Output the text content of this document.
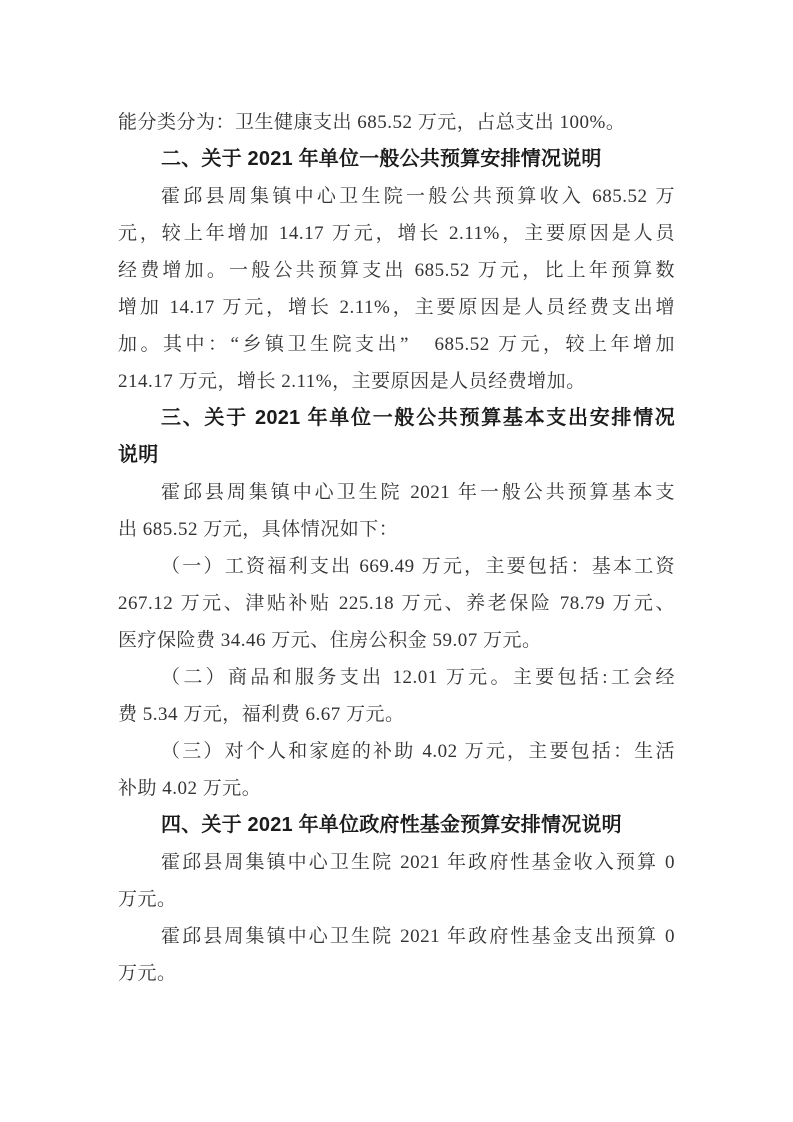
能分类分为：卫生健康支出 685.52 万元，占总支出 100%。
二、关于 2021 年单位一般公共预算安排情况说明
霍邱县周集镇中心卫生院一般公共预算收入 685.52 万
元，较上年增加 14.17 万元，增长 2.11%，主要原因是人员
经费增加。一般公共预算支出 685.52 万元，比上年预算数
增加 14.17 万元，增长 2.11%，主要原因是人员经费支出增
加。其中：“乡镇卫生院支出”　685.52 万元，较上年增加
214.17 万元，增长 2.11%，主要原因是人员经费增加。
三、关于 2021 年单位一般公共预算基本支出安排情况
说明
霍邱县周集镇中心卫生院 2021 年一般公共预算基本支
出 685.52 万元，具体情况如下：
（一）工资福利支出 669.49 万元，主要包括：基本工资
267.12 万元、津贴补贴 225.18 万元、养老保险 78.79 万元、
医疗保险费 34.46 万元、住房公积金 59.07 万元。
（二）商品和服务支出 12.01 万元。主要包括:工会经
费 5.34 万元，福利费 6.67 万元。
（三）对个人和家庭的补助 4.02 万元，主要包括：生活
补助 4.02 万元。
四、关于 2021 年单位政府性基金预算安排情况说明
霍邱县周集镇中心卫生院 2021 年政府性基金收入预算 0
万元。
霍邱县周集镇中心卫生院 2021 年政府性基金支出预算 0
万元。
